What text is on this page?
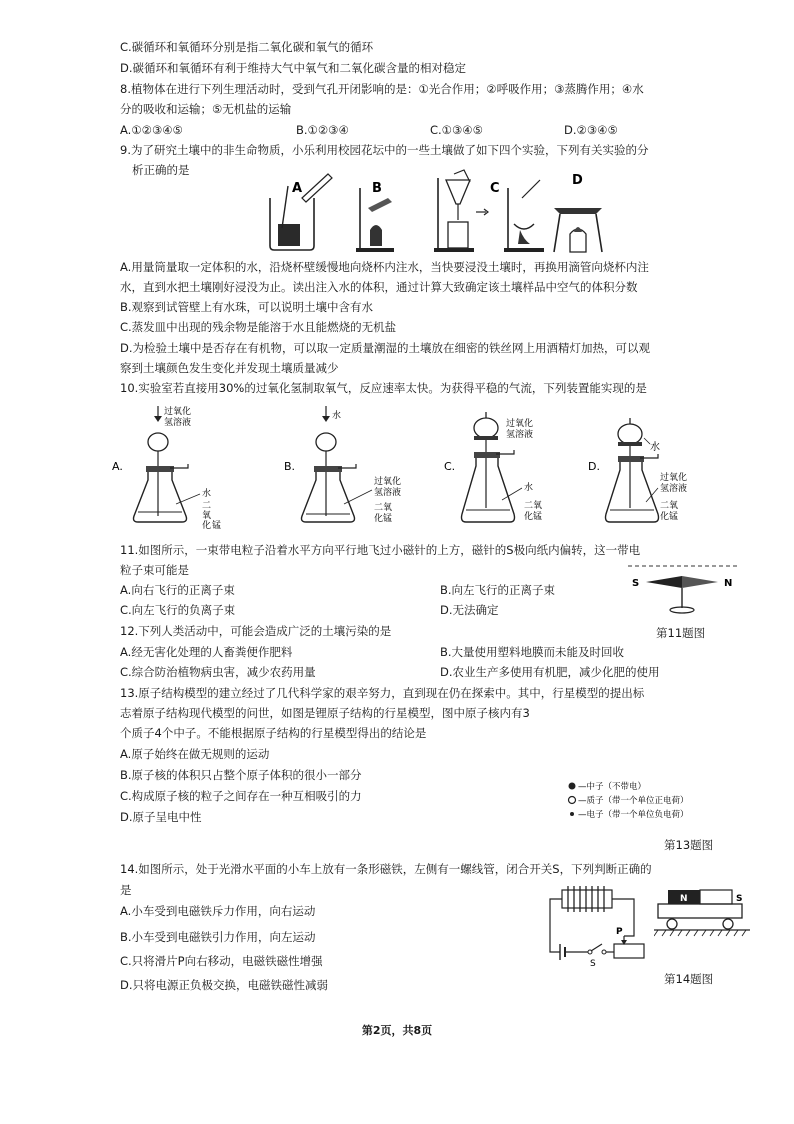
C.碳循环和氧循环分别是指二氧化碳和氧气的循环
D.碳循环和氧循环有利于维持大气中氧气和二氧化碳含量的相对稳定
8.植物体在进行下列生理活动时，受到气孔开闭影响的是：①光合作用；②呼吸作用；③蒸腾作用；④水
分的吸收和运输；⑤无机盐的运输
A.①②③④⑤	B.①②③④	C.①③④⑤	D.②③④⑤
9.为了研究土壤中的非生命物质，小乐利用校园花坛中的一些土壤做了如下四个实验，下列有关实验的分
析正确的是
A	B	C
D
A.用量筒量取一定体积的水，沿烧杯壁缓慢地向烧杯内注水，当快要浸没土壤时，再换用滴管向烧杯内注
水，直到水把土壤刚好浸没为止。读出注入水的体积，通过计算大致确定该土壤样品中空气的体积分数
B.观察到试管壁上有水珠，可以说明土壤中含有水
C.蒸发皿中出现的残余物是能溶于水且能燃烧的无机盐
D.为检验土壤中是否存在有机物，可以取一定质量潮湿的土壤放在细密的铁丝网上用酒精灯加热，可以观
察到土壤颜色发生变化并发现土壤质量减少
10.实验室若直接用30%的过氧化氢制取氧气，反应速率太快。为获得平稳的气流，下列装置能实现的是
A.
过氧化
氢溶液
水
二
氧
化 锰
B.
水
过氧化
氢溶液
二氧
化锰
C.
过氧化
氢溶液
水
二氧
化锰
D.
水
过氧化
氢溶液
二氧
化锰
11.如图所示，一束带电粒子沿着水平方向平行地飞过小磁针的上方，磁针的S极向纸内偏转，这一带电
粒子束可能是
A.向右飞行的正离子束	B.向左飞行的正离子束
C.向左飞行的负离子束	D.无法确定
S	N
12.下列人类活动中，可能会造成广泛的土壤污染的是	第11题图
A.经无害化处理的人畜粪便作肥料	B.大量使用塑料地膜而未能及时回收
C.综合防治植物病虫害，减少农药用量	D.农业生产多使用有机肥，减少化肥的使用
13.原子结构模型的建立经过了几代科学家的艰辛努力，直到现在仍在探索中。其中，行星模型的提出标
志着原子结构现代模型的问世，如图是锂原子结构的行星模型，图中原子核内有3
个质子4个中子。不能根据原子结构的行星模型得出的结论是
A.原子始终在做无规则的运动
B.原子核的体积只占整个原子体积的很小一部分
C.构成原子核的粒子之间存在一种互相吸引的力
D.原子呈电中性
—中子（不带电）
—质子（带一个单位正电荷）
—电子（带一个单位负电荷）
第13题图
14.如图所示，处于光滑水平面的小车上放有一条形磁铁，左侧有一螺线管，闭合开关S，下列判断正确的
是
A.小车受到电磁铁斥力作用，向右运动
B.小车受到电磁铁引力作用，向左运动
C.只将滑片P向右移动，电磁铁磁性增强
D.只将电源正负极交换，电磁铁磁性减弱
S
P
N	S
第14题图
第2页，共8页
